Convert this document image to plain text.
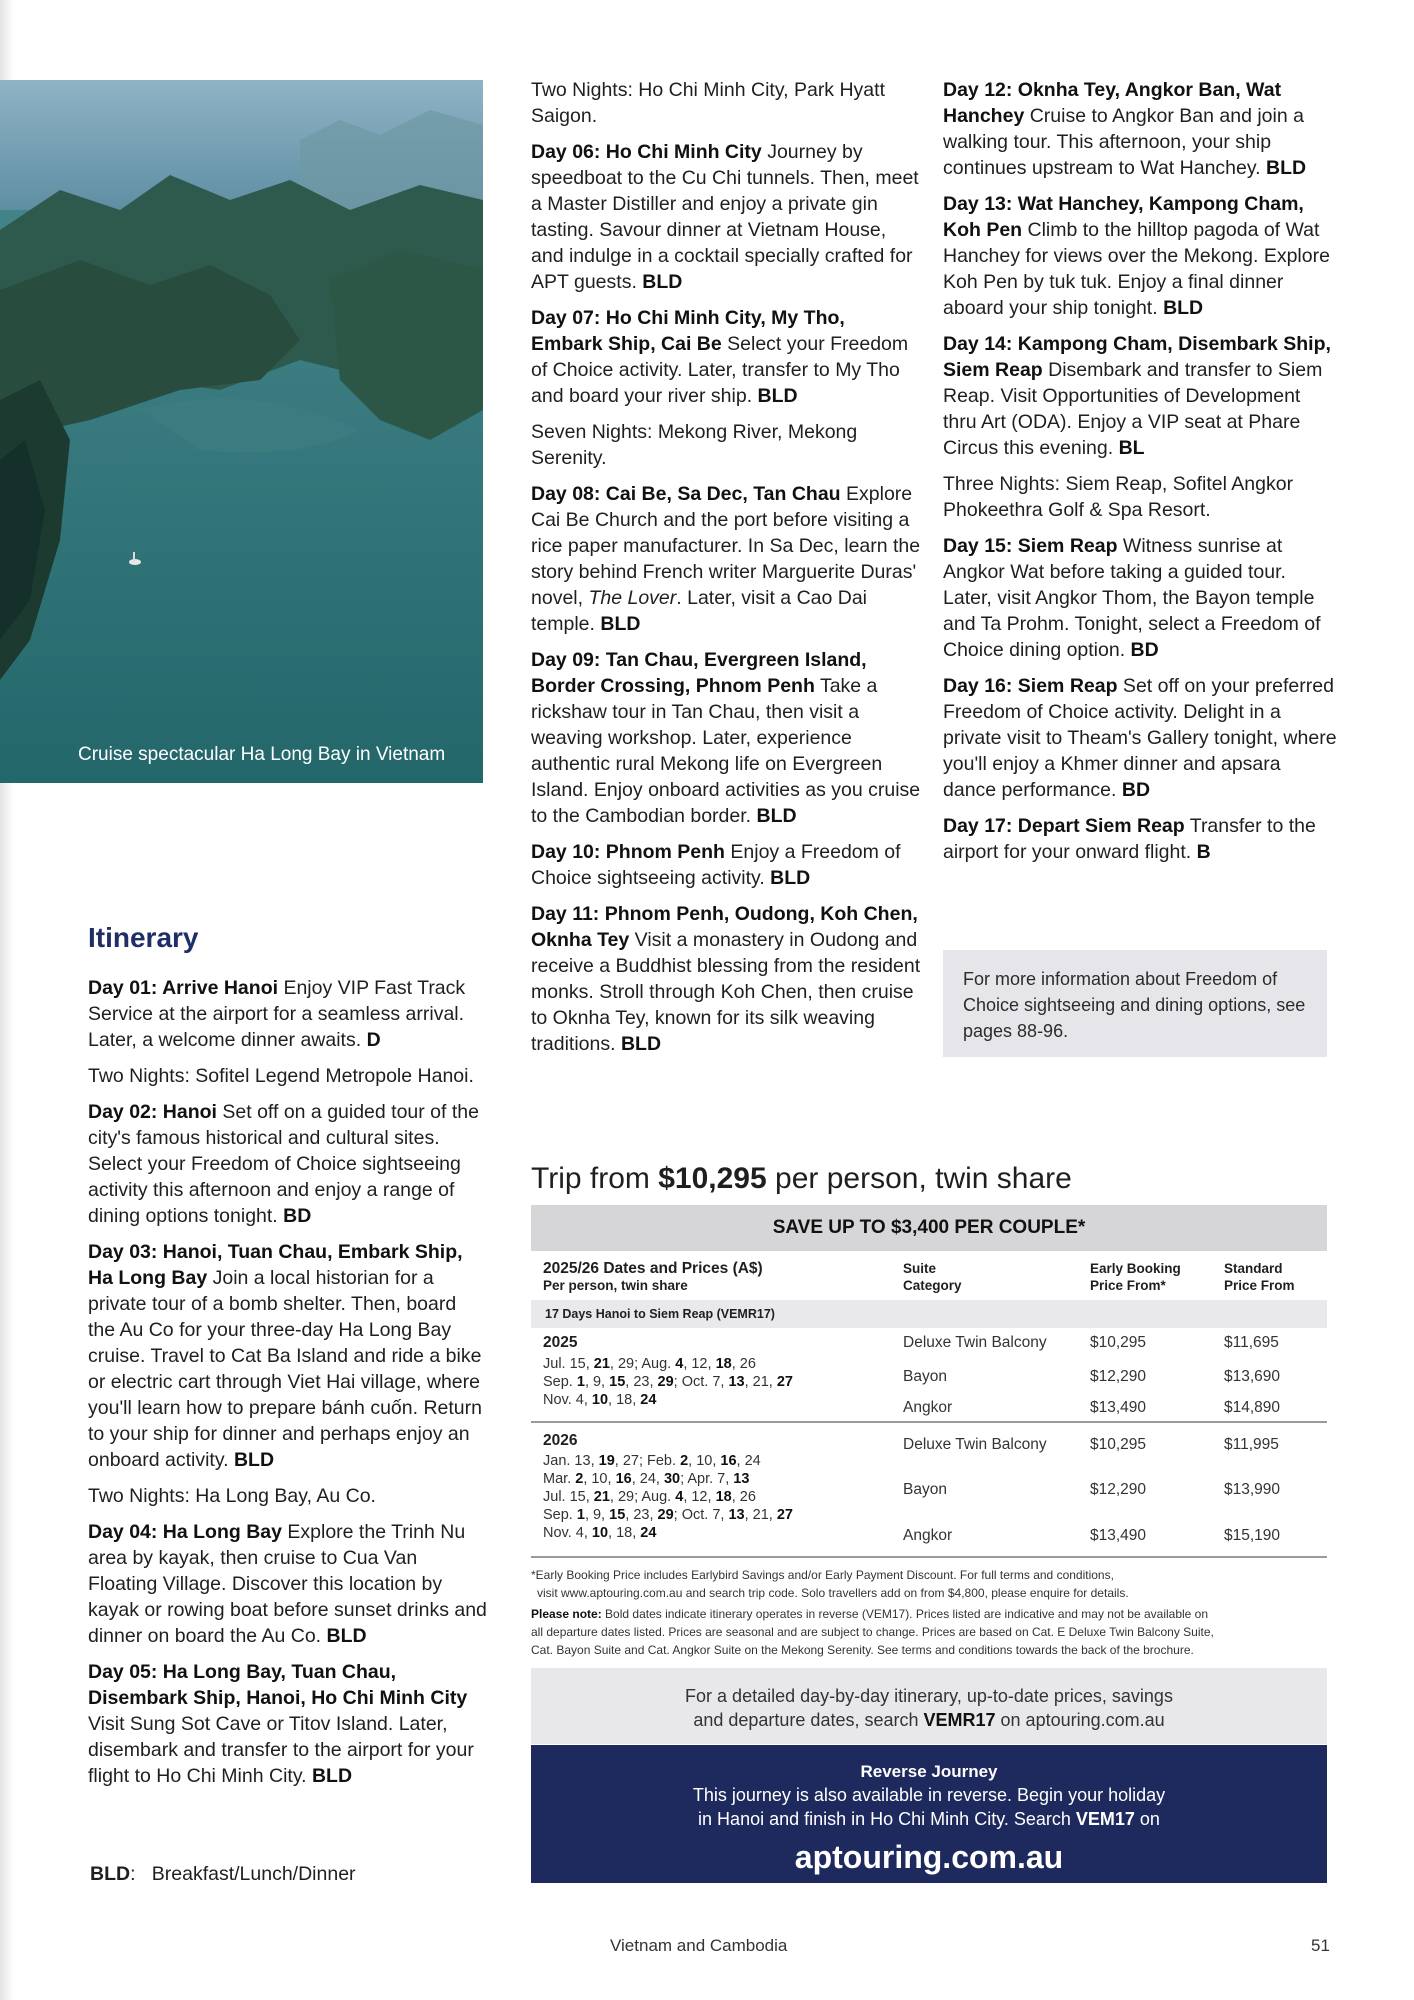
Cruise spectacular Ha Long Bay in Vietnam
Itinerary

Day 01: Arrive Hanoi Enjoy VIP Fast Track Service at the airport for a seamless arrival. Later, a welcome dinner awaits. D

Two Nights: Sofitel Legend Metropole Hanoi.

Day 02: Hanoi Set off on a guided tour of the city's famous historical and cultural sites. Select your Freedom of Choice sightseeing activity this afternoon and enjoy a range of dining options tonight. BD

Day 03: Hanoi, Tuan Chau, Embark Ship, Ha Long Bay Join a local historian for a private tour of a bomb shelter. Then, board the Au Co for your three-day Ha Long Bay cruise. Travel to Cat Ba Island and ride a bike or electric cart through Viet Hai village, where you'll learn how to prepare bánh cuốn. Return to your ship for dinner and perhaps enjoy an onboard activity. BLD

Two Nights: Ha Long Bay, Au Co.

Day 04: Ha Long Bay Explore the Trinh Nu area by kayak, then cruise to Cua Van Floating Village. Discover this location by kayak or rowing boat before sunset drinks and dinner on board the Au Co. BLD

Day 05: Ha Long Bay, Tuan Chau, Disembark Ship, Hanoi, Ho Chi Minh City Visit Sung Sot Cave or Titov Island. Later, disembark and transfer to the airport for your flight to Ho Chi Minh City. BLD

Two Nights: Ho Chi Minh City, Park Hyatt Saigon.

Day 06: Ho Chi Minh City Journey by speedboat to the Cu Chi tunnels. Then, meet a Master Distiller and enjoy a private gin tasting. Savour dinner at Vietnam House, and indulge in a cocktail specially crafted for APT guests. BLD

Day 07: Ho Chi Minh City, My Tho, Embark Ship, Cai Be Select your Freedom of Choice activity. Later, transfer to My Tho and board your river ship. BLD

Seven Nights: Mekong River, Mekong Serenity.

Day 08: Cai Be, Sa Dec, Tan Chau Explore Cai Be Church and the port before visiting a rice paper manufacturer. In Sa Dec, learn the story behind French writer Marguerite Duras' novel, The Lover. Later, visit a Cao Dai temple. BLD

Day 09: Tan Chau, Evergreen Island, Border Crossing, Phnom Penh Take a rickshaw tour in Tan Chau, then visit a weaving workshop. Later, experience authentic rural Mekong life on Evergreen Island. Enjoy onboard activities as you cruise to the Cambodian border. BLD

Day 10: Phnom Penh Enjoy a Freedom of Choice sightseeing activity. BLD

Day 11: Phnom Penh, Oudong, Koh Chen, Oknha Tey Visit a monastery in Oudong and receive a Buddhist blessing from the resident monks. Stroll through Koh Chen, then cruise to Oknha Tey, known for its silk weaving traditions. BLD

Day 12: Oknha Tey, Angkor Ban, Wat Hanchey Cruise to Angkor Ban and join a walking tour. This afternoon, your ship continues upstream to Wat Hanchey. BLD

Day 13: Wat Hanchey, Kampong Cham, Koh Pen Climb to the hilltop pagoda of Wat Hanchey for views over the Mekong. Explore Koh Pen by tuk tuk. Enjoy a final dinner aboard your ship tonight. BLD

Day 14: Kampong Cham, Disembark Ship, Siem Reap Disembark and transfer to Siem Reap. Visit Opportunities of Development thru Art (ODA). Enjoy a VIP seat at Phare Circus this evening. BL

Three Nights: Siem Reap, Sofitel Angkor Phokeethra Golf & Spa Resort.

Day 15: Siem Reap Witness sunrise at Angkor Wat before taking a guided tour. Later, visit Angkor Thom, the Bayon temple and Ta Prohm. Tonight, select a Freedom of Choice dining option. BD

Day 16: Siem Reap Set off on your preferred Freedom of Choice activity. Delight in a private visit to Theam's Gallery tonight, where you'll enjoy a Khmer dinner and apsara dance performance. BD

Day 17: Depart Siem Reap Transfer to the airport for your onward flight. B

For more information about Freedom of Choice sightseeing and dining options, see pages 88-96.
BLD:   Breakfast/Lunch/Dinner
Trip from $10,295 per person, twin share
SAVE UP TO $3,400 PER COUPLE*
2025/26 Dates and Prices (A$)
Per person, twin share
Suite Category
Early Booking Price From*
Standard Price From
17 Days Hanoi to Siem Reap (VEMR17)
2025
Jul. 15, 21, 29; Aug. 4, 12, 18, 26
Sep. 1, 9, 15, 23, 29; Oct. 7, 13, 21, 27
Nov. 4, 10, 18, 24
Deluxe Twin Balcony	$10,295	$11,695
Bayon	$12,290	$13,690
Angkor	$13,490	$14,890
2026
Jan. 13, 19, 27; Feb. 2, 10, 16, 24
Mar. 2, 10, 16, 24, 30; Apr. 7, 13
Jul. 15, 21, 29; Aug. 4, 12, 18, 26
Sep. 1, 9, 15, 23, 29; Oct. 7, 13, 21, 27
Nov. 4, 10, 18, 24
Deluxe Twin Balcony	$10,295	$11,995
Bayon	$12,290	$13,990
Angkor	$13,490	$15,190
*Early Booking Price includes Earlybird Savings and/or Early Payment Discount. For full terms and conditions,
visit www.aptouring.com.au and search trip code. Solo travellers add on from $4,800, please enquire for details.
Please note: Bold dates indicate itinerary operates in reverse (VEM17). Prices listed are indicative and may not be available on
all departure dates listed. Prices are seasonal and are subject to change. Prices are based on Cat. E Deluxe Twin Balcony Suite,
Cat. Bayon Suite and Cat. Angkor Suite on the Mekong Serenity. See terms and conditions towards the back of the brochure.
For a detailed day-by-day itinerary, up-to-date prices, savings
and departure dates, search VEMR17 on aptouring.com.au
Reverse Journey
This journey is also available in reverse. Begin your holiday
in Hanoi and finish in Ho Chi Minh City. Search VEM17 on
aptouring.com.au
Vietnam and Cambodia	51
